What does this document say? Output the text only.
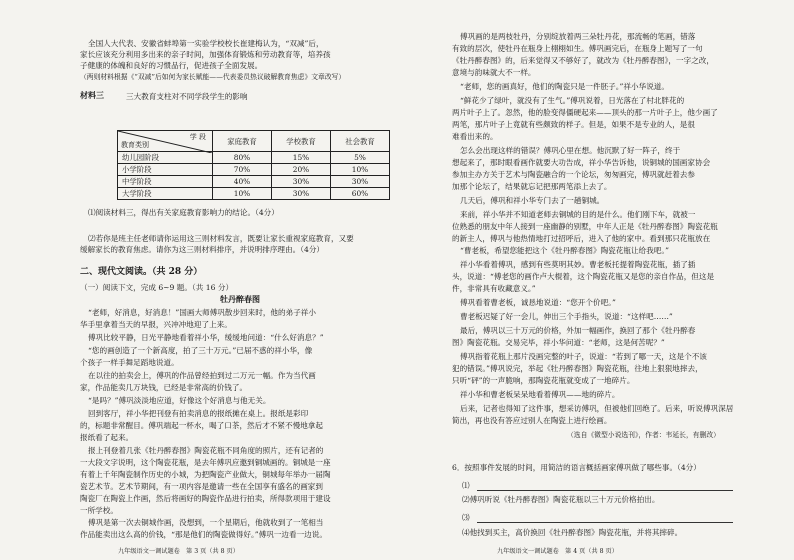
全国人大代表、安徽省蚌埠第一实验学校校长崔建梅认为，“双减”后，

家长应该充分利用多出来的亲子时间，加强体育锻炼和劳动教育等，培养孩

子健康的体魄和良好的习惯品行，促进孩子全面发展。

（两则材料根据《“双减”后如何为家长赋能——代表委员热议破解教育焦虑》文章改写）

材料三	三大教育支柱对不同学段学生的影响

学 段
教育类别	家庭教育	学校教育	社会教育
幼儿园阶段	80%	15%	5%
小学阶段	70%	20%	10%
中学阶段	40%	30%	30%
大学阶段	10%	30%	60%

⑴阅读材料三，得出有关家庭教育影响力的结论。（4分）

⑵若你是班主任老师请你运用这三则材料发言，既要让家长重视家庭教育，又要

缓解家长的教育焦虑。请你为这三则材料排序，并说明排序理由。（4分）

二、现代文阅读。（共 28 分）

（一）阅读下文，完成 6~9 题。（共 16 分）

牡丹醉春图

“老师，好消息，好消息！”国画大师傅巩散步回来时，他的弟子祥小

华手里拿着当天的早报，兴冲冲地迎了上来。

傅巩比较平静，日光平静地看着祥小华，缓缓地问道：“什么好消息？”

“您的画创造了一个新高度，拍了三十万元。”已届不惑的祥小华，像

个孩子一样手舞足蹈地说道。

在以往的拍卖会上，傅巩的作品曾经拍到过二万元一幅。作为当代画

家，作品能卖几万块钱，已经是非常高的价钱了。

“是吗？”傅巩淡淡地应道，好像这个好消息与他无关。

回到客厅，祥小华把刊登有拍卖消息的报纸摊在桌上。报纸是彩印

的，标题非常醒目。傅巩端起一杯水，喝了口茶，然后才不紧不慢地拿起

报纸看了起来。

报上刊登着几张《牡丹醉春图》陶瓷花瓶不同角度的照片，还有记者的

一大段文字说明，这个陶瓷花瓶，是去年傅巩应邀到铜城画的。铜城是一座

有着上千年陶瓷制作历史的小城，为把陶瓷产业做大，铜城每年举办一届陶

瓷艺术节。艺术节期间，有一项内容是邀请一些在全国享有盛名的画家到

陶瓷厂在陶瓷上作画，然后将画好的陶瓷作品进行拍卖，所得款项用于建设

一所学校。

傅巩是第一次去铜城作画，没想到，一个星期后，他就收到了一笔相当

作品能卖出这么高的价钱，“那是他们的陶瓷做得好。”傅巩一边看一边说。

九年级语文一调试题卷　第 3 页（共 8 页）

傅巩画的是两枝牡丹，分别绽放着两三朵牡丹花，那流畅的笔画，错落

有致的层次，使牡丹在瓶身上栩栩如生。傅巩画完后，在瓶身上题写了一句

《牡丹醉春图》的，后来觉得又不够好了，就改为《牡丹醉春图》，一字之改，

意境与韵味就大不一样。

“老师，您的画真好，他们的陶瓷只是一件胚子。”祥小华说道。

“鲜花少了绿叶，就没有了生气。”傅巩说着，日光落在了村北胖花的

两片叶子上了。忽然，他的脸变得僵硬起来——顶头的那一片叶子上，他少画了

两笔，那片叶子上竟就有些颇致的样子。但是，如果不是专业的人，是很

难看出来的。

怎么会出现这样的错误？傅巩心里在想。他沉默了好一阵子，终于

想起来了，那时眼看画作就要大功告成，祥小华告诉他，说铜城的国画家协会

参加主办方关于艺术与陶瓷融合的一个论坛，匆匆画完，傅巩就赶着去参

加那个论坛了，结果就忘记把那两笔添上去了。

几天后，傅巩和祥小华专门去了一趟铜城。

来前，祥小华并不知道老师去铜城的目的是什么。他们刚下车，就被一

位熟悉的朋友中年人接到一座幽静的别墅，中年人正是《牡丹醉春图》陶瓷花瓶

的新主人，傅巩与他热情地打过招呼后，进入了他的家中。看到那只花瓶放在

“曹老板，希望您能把这个《牡丹醉春图》陶瓷花瓶让给我吧。”

祥小华看着傅巩，感到有些莫明其妙。曹老板托提着陶瓷花瓶，插了插

头，说道：“傅老您的画作卢大棍着，这个陶瓷花瓶又是您的亲自作品，但这是

件，非常具有收藏意义。”

傅巩看着曹老板，诚恳地说道：“您开个价吧。”

曹老板迟疑了好一会儿，伸出三个手指头，说道：“这样吧……”

最后，傅巩以三十万元的价格，外加一幅画作，换回了那个《牡丹醉春

图》陶瓷花瓶。交易完毕，祥小华问道：“老师，这是何苦呢？”

傅巩指着花瓶上那片没画完整的叶子，说道：“若到了哪一天，这是个不该

犯的错误。”傅巩说完，举起《牡丹醉春图》陶瓷花瓶，往地上狠狠地摔去，

只听“砰”的一声脆响，那陶瓷花瓶就变成了一地碎片。

祥小华和曹老板呆呆地看着傅巩——地的碎片。

后来，记者也得知了这件事，想采访傅巩，但被他们回绝了。后来，听说傅巩深居

简出，再也没有答应过别人在陶瓷上进行绘画。

（选自《微型小说选刊》，作者：韦延长，有删改）

6．按照事件发展的时间，用简洁的语言概括画家傅巩做了哪些事。（4分）

⑴

⑵傅巩听说《牡丹醉春图》陶瓷花瓶以三十万元价格拍出。

⑶

⑷他找到买主，高价换回《牡丹醉春图》陶瓷花瓶，并将其摔碎。

九年级语文一调试题卷　第 4 页（共 8 页）
